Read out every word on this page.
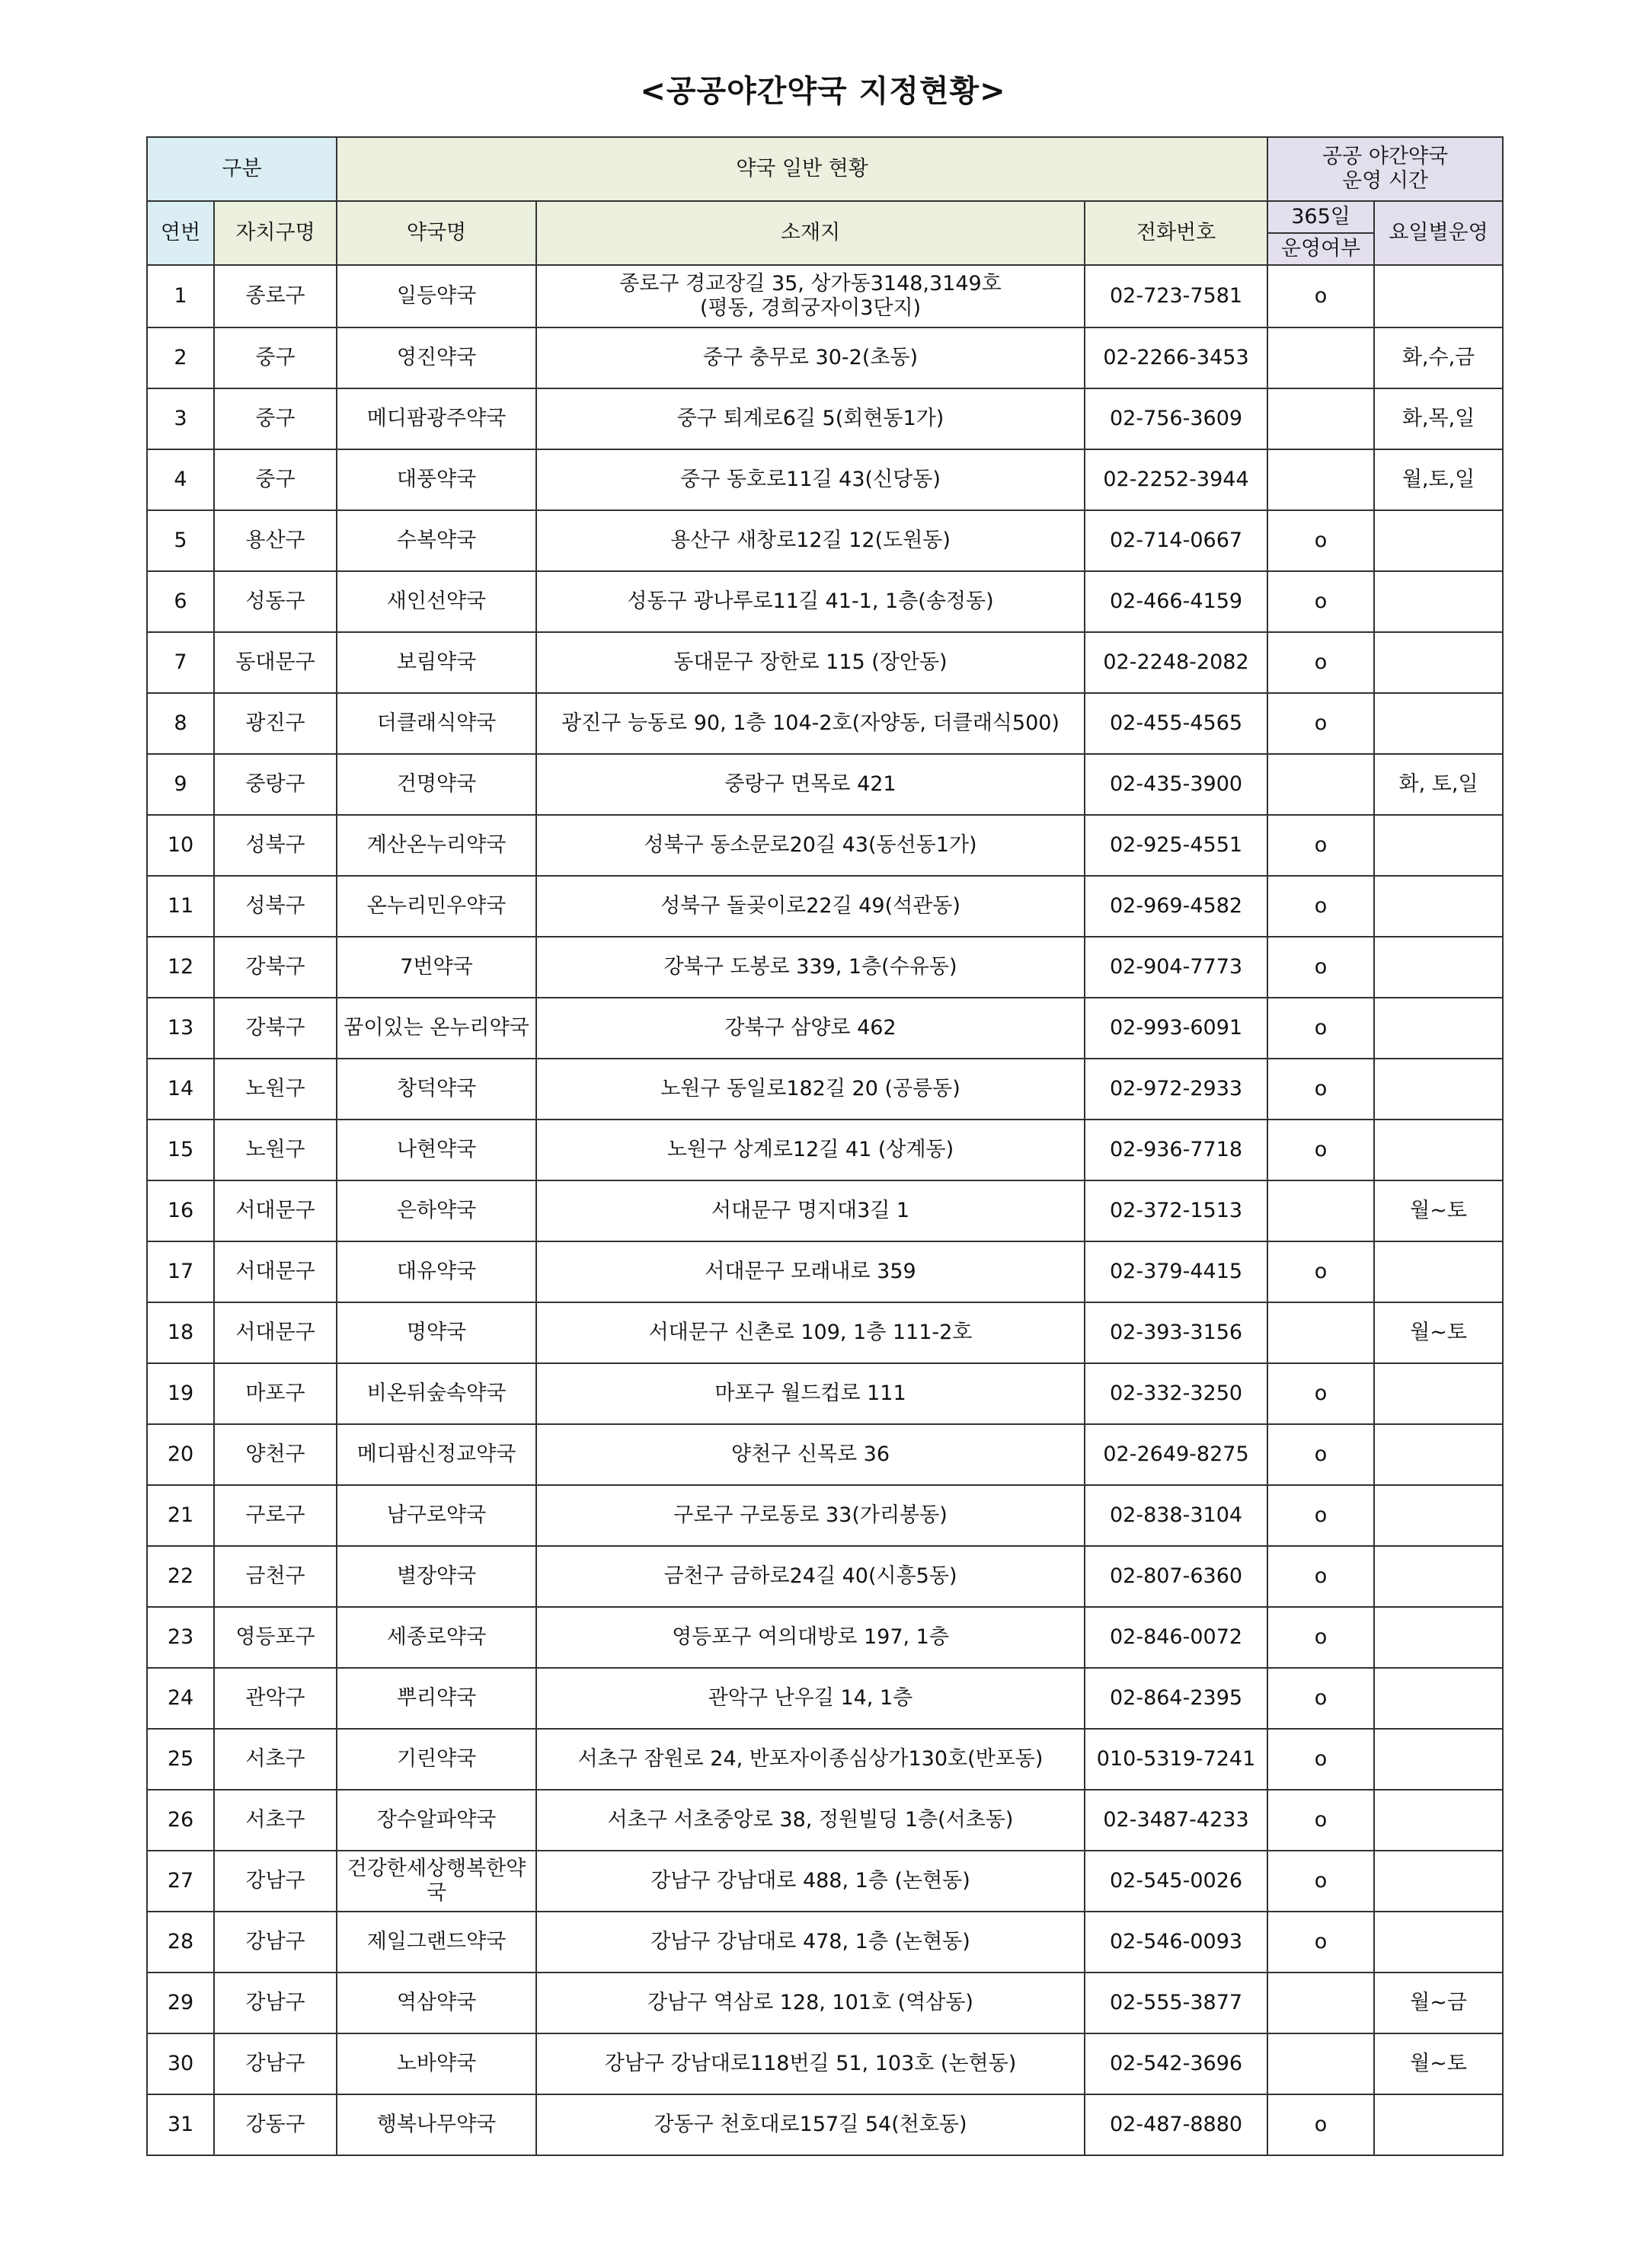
<공공야간약국 지정현황>
구분		약국 일반 현황			공공 야간약국
운영 시간	

연번	자치구명	약국명	소재지	전화번호	365일	요일별운영
					운영여부	
1	종로구	일등약국	종로구 경교장길 35, 상가동3148,3149호
(평동, 경희궁자이3단지)	02-723-7581	o	
2	중구	영진약국	중구 충무로 30-2(초동)	02-2266-3453		화,수,금
3	중구	메디팜광주약국	중구 퇴계로6길 5(회현동1가)	02-756-3609		화,목,일
4	중구	대풍약국	중구 동호로11길 43(신당동)	02-2252-3944		월,토,일
5	용산구	수복약국	용산구 새창로12길 12(도원동)	02-714-0667	o	
6	성동구	새인선약국	성동구 광나루로11길 41-1, 1층(송정동)	02-466-4159	o	
7	동대문구	보림약국	동대문구 장한로 115 (장안동)	02-2248-2082	o	
8	광진구	더클래식약국	광진구 능동로 90, 1층 104-2호(자양동, 더클래식500)	02-455-4565	o	
9	중랑구	건명약국	중랑구 면목로 421	02-435-3900		화, 토,일
10	성북구	계산온누리약국	성북구 동소문로20길 43(동선동1가)	02-925-4551	o	
11	성북구	온누리민우약국	성북구 돌곶이로22길 49(석관동)	02-969-4582	o	
12	강북구	7번약국	강북구 도봉로 339, 1층(수유동)	02-904-7773	o	
13	강북구	꿈이있는 온누리약국	강북구 삼양로 462	02-993-6091	o	
14	노원구	창덕약국	노원구 동일로182길 20 (공릉동)	02-972-2933	o	
15	노원구	나현약국	노원구 상계로12길 41 (상계동)	02-936-7718	o	
16	서대문구	은하약국	서대문구 명지대3길 1	02-372-1513		월~토
17	서대문구	대유약국	서대문구 모래내로 359	02-379-4415	o	
18	서대문구	명약국	서대문구 신촌로 109, 1층 111-2호	02-393-3156		월~토
19	마포구	비온뒤숲속약국	마포구 월드컵로 111	02-332-3250	o	
20	양천구	메디팜신정교약국	양천구 신목로 36	02-2649-8275	o	
21	구로구	남구로약국	구로구 구로동로 33(가리봉동)	02-838-3104	o	
22	금천구	별장약국	금천구 금하로24길 40(시흥5동)	02-807-6360	o	
23	영등포구	세종로약국	영등포구 여의대방로 197, 1층	02-846-0072	o	
24	관악구	뿌리약국	관악구 난우길 14, 1층	02-864-2395	o	
25	서초구	기린약국	서초구 잠원로 24, 반포자이종심상가130호(반포동)	010-5319-7241	o	
26	서초구	장수알파약국	서초구 서초중앙로 38, 정원빌딩 1층(서초동)	02-3487-4233	o	
27	강남구	건강한세상행복한약
국	강남구 강남대로 488, 1층 (논현동)	02-545-0026	o	
28	강남구	제일그랜드약국	강남구 강남대로 478, 1층 (논현동)	02-546-0093	o	
29	강남구	역삼약국	강남구 역삼로 128, 101호 (역삼동)	02-555-3877		월~금
30	강남구	노바약국	강남구 강남대로118번길 51, 103호 (논현동)	02-542-3696		월~토
31	강동구	행복나무약국	강동구 천호대로157길 54(천호동)	02-487-8880	o	
